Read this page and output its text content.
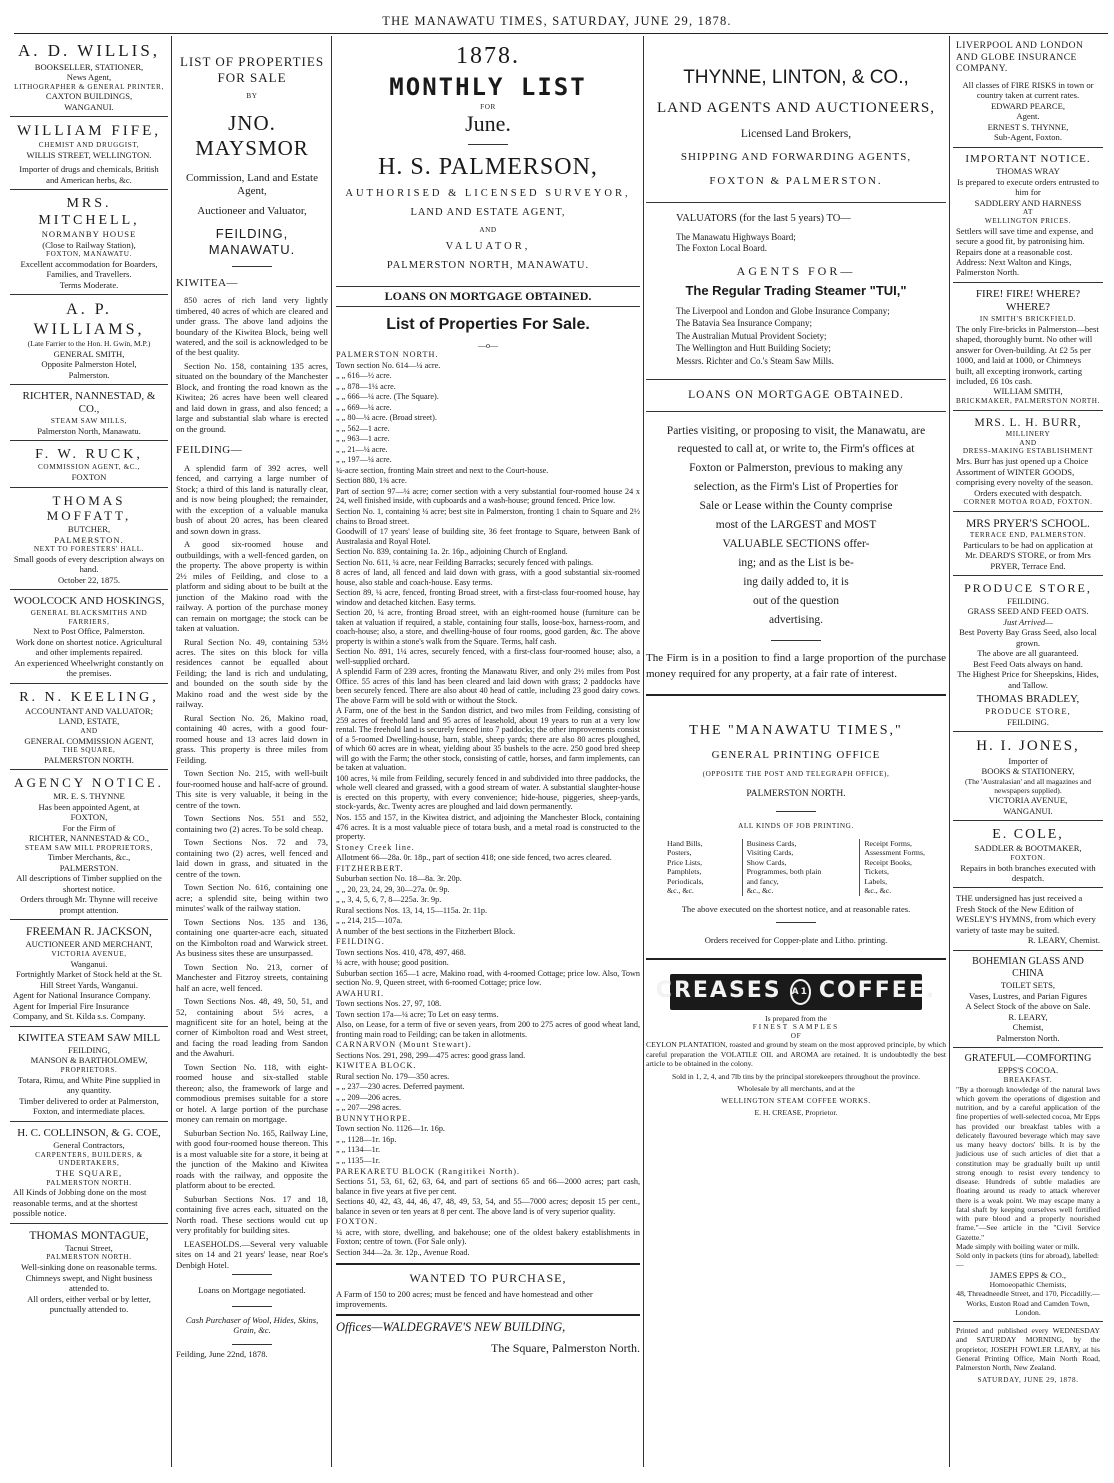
THE MANAWATU TIMES, SATURDAY, JUNE 29, 1878.
A. D. WILLIS,
BOOKSELLER, STATIONER,
News Agent,
LITHOGRAPHER & GENERAL PRINTER,
CAXTON BUILDINGS,
WANGANUI.
WILLIAM FIFE,
CHEMIST AND DRUGGIST,
WILLIS STREET, WELLINGTON.
Importer of drugs and chemicals, British and American herbs, &c.
MRS. MITCHELL,
NORMANBY HOUSE
(Close to Railway Station),
FOXTON, MANAWATU.
Excellent accommodation for Boarders, Families, and Travellers.
Terms Moderate.
A. P. WILLIAMS,
(Late Farrier to the Hon. H. Gwin, M.P.)
GENERAL SMITH,
Opposite Palmerston Hotel,
Palmerston.
RICHTER, NANNESTAD, & CO.,
STEAM SAW MILLS,
Palmerston North, Manawatu.
F. W. RUCK,
COMMISSION AGENT, &C.,
FOXTON
THOMAS MOFFATT,
BUTCHER,
PALMERSTON.
NEXT TO FORESTERS' HALL.
Small goods of every description always on hand.
October 22, 1875.
WOOLCOCK AND HOSKINGS,
GENERAL BLACKSMITHS AND FARRIERS,
Next to Post Office, Palmerston.
Work done on shortest notice. Agricultural and other implements repaired.
An experienced Wheelwright constantly on the premises.
R. N. KEELING,
ACCOUNTANT AND VALUATOR;
LAND, ESTATE,
AND
GENERAL COMMISSION AGENT,
THE SQUARE,
PALMERSTON NORTH.
AGENCY NOTICE.
MR. E. S. THYNNE
Has been appointed Agent, at
FOXTON,
For the Firm of
RICHTER, NANNESTAD & CO.,
STEAM SAW MILL PROPRIETORS,
Timber Merchants, &c.,
PALMERSTON.
All descriptions of Timber supplied on the shortest notice.
Orders through Mr. Thynne will receive prompt attention.
FREEMAN R. JACKSON,
AUCTIONEER AND MERCHANT,
VICTORIA AVENUE,
Wanganui.
Fortnightly Market of Stock held at the St. Hill Street Yards, Wanganui.
Agent for National Insurance Company.
Agent for Imperial Fire Insurance Company, and St. Kilda s.s. Company.
KIWITEA STEAM SAW MILL
FEILDING,
MANSON & BARTHOLOMEW,
PROPRIETORS.
Totara, Rimu, and White Pine supplied in any quantity.
Timber delivered to order at Palmerston, Foxton, and intermediate places.
H. C. COLLINSON, & G. COE,
General Contractors,
CARPENTERS, BUILDERS, & UNDERTAKERS,
THE SQUARE,
PALMERSTON NORTH.
All Kinds of Jobbing done on the most reasonable terms, and at the shortest possible notice.
THOMAS MONTAGUE,
Tacnui Street,
PALMERSTON NORTH.
Well-sinking done on reasonable terms. Chimneys swept, and Night business attended to.
All orders, either verbal or by letter, punctually attended to.
LIST OF PROPERTIES FOR SALE
BY
JNO. MAYSMOR
Commission, Land and Estate Agent,
Auctioneer and Valuator,
FEILDING, MANAWATU.
KIWITEA—
850 acres of rich land very lightly timbered, 40 acres of which are cleared and under grass. The above land adjoins the boundary of the Kiwitea Block, being well watered, and the soil is acknowledged to be of the best quality.
Section No. 158, containing 135 acres, situated on the boundary of the Manchester Block, and fronting the road known as the Kiwitea; 26 acres have been well cleared and laid down in grass, and also fenced; a large and substantial slab whare is erected on the ground.
FEILDING—
A splendid farm of 392 acres, well fenced, and carrying a large number of Stock; a third of this land is naturally clear, and is now being ploughed; the remainder, with the exception of a valuable manuka bush of about 20 acres, has been cleared and sown down in grass.
A good six-roomed house and outbuildings, with a well-fenced garden, on the property. The above property is within 2½ miles of Feilding, and close to a platform and siding about to be built at the junction of the Makino road with the railway. A portion of the purchase money can remain on mortgage; the stock can be taken at valuation.
Rural Section No. 49, containing 53½ acres. The sites on this block for villa residences cannot be equalled about Feilding; the land is rich and undulating, and bounded on the south side by the Makino road and the west side by the railway.
Rural Section No. 26, Makino road, containing 40 acres, with a good four-roomed house and 13 acres laid down in grass. This property is three miles from Feilding.
Town Section No. 215, with well-built four-roomed house and half-acre of ground. This site is very valuable, it being in the centre of the town.
Town Sections Nos. 551 and 552, containing two (2) acres. To be sold cheap.
Town Sections Nos. 72 and 73, containing two (2) acres, well fenced and laid down in grass, and situated in the centre of the town.
Town Section No. 616, containing one acre; a splendid site, being within two minutes' walk of the railway station.
Town Sections Nos. 135 and 136, containing one quarter-acre each, situated on the Kimbolton road and Warwick street. As business sites these are unsurpassed.
Town Section No. 213, corner of Manchester and Fitzroy streets, containing half an acre, well fenced.
Town Sections Nos. 48, 49, 50, 51, and 52, containing about 5½ acres, a magnificent site for an hotel, being at the corner of Kimbolton road and West street, and facing the road leading from Sandon and the Awahuri.
Town Section No. 118, with eight-roomed house and six-stalled stable thereon; also, the framework of large and commodious premises suitable for a store or hotel. A large portion of the purchase money can remain on mortgage.
Suburban Section No. 165, Railway Line, with good four-roomed house thereon. This is a most valuable site for a store, it being at the junction of the Makino and Kiwitea roads with the railway, and opposite the platform about to be erected.
Suburban Sections Nos. 17 and 18, containing five acres each, situated on the North road. These sections would cut up very profitably for building sites.
LEASEHOLDS.—Several very valuable sites on 14 and 21 years' lease, near Roe's Denbigh Hotel.
Loans on Mortgage negotiated.
Cash Purchaser of Wool, Hides, Skins, Grain, &c.
Feilding, June 22nd, 1878.
1878.
MONTHLY LIST
FOR
June.
H. S. PALMERSON,
AUTHORISED & LICENSED SURVEYOR,
LAND AND ESTATE AGENT,
AND
VALUATOR,
PALMERSTON NORTH, MANAWATU.
LOANS ON MORTGAGE OBTAINED.
List of Properties For Sale.
—o—
PALMERSTON NORTH.
Town section No. 614—¼ acre.
„ „ 616—½ acre.
„ „ 878—1¼ acre.
„ „ 666—¼ acre. (The Square).
„ „ 669—¼ acre.
„ „ 80—¼ acre. (Broad street).
„ „ 562—1 acre.
„ „ 963—1 acre.
„ „ 21—¼ acre.
„ „ 197—¼ acre.
¼-acre section, fronting Main street and next to the Court-house.
Section 880, 1¾ acre.
Part of section 97—¼ acre; corner section with a very substantial four-roomed house 24 x 24, well finished inside, with cupboards and a wash-house; ground fenced. Price low.
Section No. 1, containing ¼ acre; best site in Palmerston, fronting 1 chain to Square and 2½ chains to Broad street.
Goodwill of 17 years' lease of building site, 36 feet frontage to Square, between Bank of Australasia and Royal Hotel.
Section No. 839, containing 1a. 2r. 16p., adjoining Church of England.
Section No. 611, ¼ acre, near Feilding Barracks; securely fenced with palings.
8 acres of land, all fenced and laid down with grass, with a good substantial six-roomed house, also stable and coach-house. Easy terms.
Section 89, ¼ acre, fenced, fronting Broad street, with a first-class four-roomed house, hay window and detached kitchen. Easy terms.
Section 20, ¼ acre, fronting Broad street, with an eight-roomed house (furniture can be taken at valuation if required, a stable, containing four stalls, loose-box, harness-room, and coach-house; also, a store, and dwelling-house of four rooms, good garden, &c. The above property is within a stone's walk from the Square. Terms, half cash.
Section No. 891, 1¼ acres, securely fenced, with a first-class four-roomed house; also, a well-supplied orchard.
A splendid Farm of 239 acres, fronting the Manawatu River, and only 2½ miles from Post Office. 55 acres of this land has been cleared and laid down with grass; 2 paddocks have been securely fenced. There are also about 40 head of cattle, including 23 good dairy cows. The above Farm will be sold with or without the Stock.
A Farm, one of the best in the Sandon district, and two miles from Feilding, consisting of 259 acres of freehold land and 95 acres of leasehold, about 19 years to run at a very low rental. The freehold land is securely fenced into 7 paddocks; the other improvements consist of a 5-roomed Dwelling-house, barn, stable, sheep yards; there are also 80 acres ploughed, of which 60 acres are in wheat, yielding about 35 bushels to the acre. 250 good bred sheep will go with the Farm; the other stock, consisting of cattle, horses, and farm implements, can be taken at valuation.
100 acres, ¼ mile from Feilding, securely fenced in and subdivided into three paddocks, the whole well cleared and grassed, with a good stream of water. A substantial slaughter-house is erected on this property, with every convenience; hide-house, piggeries, sheep-yards, stock-yards, &c. Twenty acres are ploughed and laid down permanently.
Nos. 155 and 157, in the Kiwitea district, and adjoining the Manchester Block, containing 476 acres. It is a most valuable piece of totara bush, and a metal road is constructed to the property.
Stoney Creek line.
Allotment 66—28a. 0r. 18p., part of section 418; one side fenced, two acres cleared.
FITZHERBERT.
Suburban section No. 18—8a. 3r. 20p.
„ „ 20, 23, 24, 29, 30—27a. 0r. 9p.
„ „ 3, 4, 5, 6, 7, 8—225a. 3r. 9p.
Rural sections Nos. 13, 14, 15—115a. 2r. 11p.
„ „ 214, 215—107a.
A number of the best sections in the Fitzherbert Block.
FEILDING.
Town sections Nos. 410, 478, 497, 468.
¼ acre, with house; good position.
Suburban section 165—1 acre, Makino road, with 4-roomed Cottage; price low. Also, Town section No. 9, Queen street, with 6-roomed Cottage; price low.
AWAHURI.
Town sections Nos. 27, 97, 108.
Town section 17a—¼ acre; To Let on easy terms.
Also, on Lease, for a term of five or seven years, from 200 to 275 acres of good wheat land, fronting main road to Feilding; can be taken in allotments.
CARNARVON (Mount Stewart).
Sections Nos. 291, 298, 299—475 acres: good grass land.
KIWITEA BLOCK.
Rural section No. 179—350 acres.
„ „ 237—230 acres. Deferred payment.
„ „ 209—206 acres.
„ „ 207—298 acres.
BUNNYTHORPE.
Town section No. 1126—1r. 16p.
„ „ 1128—1r. 16p.
„ „ 1134—1r.
„ „ 1135—1r.
PAREKARETU BLOCK (Rangitikei North).
Sections 51, 53, 61, 62, 63, 64, and part of sections 65 and 66—2000 acres; part cash, balance in five years at five per cent.
Sections 40, 42, 43, 44, 46, 47, 48, 49, 53, 54, and 55—7000 acres; deposit 15 per cent., balance in seven or ten years at 8 per cent. The above land is of very superior quality.
FOXTON.
¼ acre, with store, dwelling, and bakehouse; one of the oldest bakery establishments in Foxton; centre of town. (For Sale only).
Section 344—2a. 3r. 12p., Avenue Road.
WANTED TO PURCHASE,
A Farm of 150 to 200 acres; must be fenced and have homestead and other improvements.
Offices—WALDEGRAVE'S NEW BUILDING,
The Square, Palmerston North.
THYNNE, LINTON, & CO.,
LAND AGENTS AND AUCTIONEERS,
Licensed Land Brokers,
SHIPPING AND FORWARDING AGENTS,
FOXTON & PALMERSTON.
VALUATORS (for the last 5 years) TO—
The Manawatu Highways Board;
The Foxton Local Board.
AGENTS FOR—
The Regular Trading Steamer "TUI,"
The Liverpool and London and Globe Insurance Company;
The Batavia Sea Insurance Company;
The Australian Mutual Provident Society;
The Wellington and Hutt Building Society;
Messrs. Richter and Co.'s Steam Saw Mills.
LOANS ON MORTGAGE OBTAINED.
Parties visiting, or proposing to visit, the Manawatu, are
requested to call at, or write to, the Firm's offices at
Foxton or Palmerston, previous to making any
selection, as the Firm's List of Properties for
Sale or Lease within the County comprise
most of the LARGEST and MOST
VALUABLE SECTIONS offer-
ing; and as the List is be-
ing daily added to, it is
out of the question
advertising.
The Firm is in a position to find a large proportion of the purchase money required for any property, at a fair rate of interest.
THE "MANAWATU TIMES,"
GENERAL PRINTING OFFICE
(OPPOSITE THE POST AND TELEGRAPH OFFICE),
PALMERSTON NORTH.
ALL KINDS OF JOB PRINTING.
Hand Bills,
Posters,
Price Lists,
Pamphlets,
Periodicals,
&c., &c.
Business Cards,
Visiting Cards,
Show Cards,
Programmes, both plain
and fancy,
&c., &c.
Receipt Forms,
Assessment Forms,
Receipt Books,
Tickets,
Labels,
&c., &c.
The above executed on the shortest notice, and at reasonable rates.
Orders received for Copper-plate and Litho. printing.
CREASES A1 COFFEE.
Is prepared from the
FINEST SAMPLES
OF
CEYLON PLANTATION, roasted and ground by steam on the most approved principle, by which careful preparation the VOLATILE OIL and AROMA are retained. It is undoubtedly the best article to be obtained in the colony.
Sold in 1, 2, 4, and 7lb tins by the principal storekeepers throughout the province.
Wholesale by all merchants, and at the
WELLINGTON STEAM COFFEE WORKS.
E. H. CREASE, Proprietor.
LIVERPOOL AND LONDON AND GLOBE INSURANCE COMPANY.
All classes of FIRE RISKS in town or country taken at current rates.
EDWARD PEARCE,
Agent.
ERNEST S. THYNNE,
Sub-Agent, Foxton.
IMPORTANT NOTICE.
THOMAS WRAY
Is prepared to execute orders entrusted to him for
SADDLERY AND HARNESS
AT
WELLINGTON PRICES.
Settlers will save time and expense, and secure a good fit, by patronising him. Repairs done at a reasonable cost. Address: Next Walton and Kings, Palmerston North.
FIRE! FIRE! WHERE? WHERE?
IN SMITH'S BRICKFIELD.
The only Fire-bricks in Palmerston—best shaped, thoroughly burnt. No other will answer for Oven-building. At £2 5s per 1000, and laid at 1000, or Chimneys built, all excepting ironwork, carting included, £6 10s cash.
WILLIAM SMITH,
BRICKMAKER, PALMERSTON NORTH.
MRS. L. H. BURR,
MILLINERY
AND
DRESS-MAKING ESTABLISHMENT
Mrs. Burr has just opened up a Choice Assortment of WINTER GOODS, comprising every novelty of the season.
Orders executed with despatch.
CORNER MOTOA ROAD, FOXTON.
MRS PRYER'S SCHOOL.
TERRACE END, PALMERSTON.
Particulars to be had on application at Mr. DEARD'S STORE, or from Mrs PRYER, Terrace End.
PRODUCE STORE,
FEILDING.
GRASS SEED AND FEED OATS.
Just Arrived—
Best Poverty Bay Grass Seed, also local grown.
The above are all guaranteed.
Best Feed Oats always on hand.
The Highest Price for Sheepskins, Hides, and Tallow.
THOMAS BRADLEY,
PRODUCE STORE,
FEILDING.
H. I. JONES,
Importer of
BOOKS & STATIONERY,
(The 'Australasian' and all magazines and newspapers supplied).
VICTORIA AVENUE,
WANGANUI.
E. COLE,
SADDLER & BOOTMAKER,
FOXTON.
Repairs in both branches executed with despatch.
THE undersigned has just received a Fresh Stock of the New Edition of WESLEY'S HYMNS, from which every variety of taste may be suited.
R. LEARY, Chemist.
BOHEMIAN GLASS AND CHINA
TOILET SETS,
Vases, Lustres, and Parian Figures
A Select Stock of the above on Sale.
R. LEARY,
Chemist,
Palmerston North.
GRATEFUL—COMFORTING
EPPS'S COCOA.
BREAKFAST.
"By a thorough knowledge of the natural laws which govern the operations of digestion and nutrition, and by a careful application of the fine properties of well-selected cocoa, Mr Epps has provided our breakfast tables with a delicately flavoured beverage which may save us many heavy doctors' bills. It is by the judicious use of such articles of diet that a constitution may be gradually built up until strong enough to resist every tendency to disease. Hundreds of subtle maladies are floating around us ready to attack wherever there is a weak point. We may escape many a fatal shaft by keeping ourselves well fortified with pure blood and a properly nourished frame."—See article in the "Civil Service Gazette."
Made simply with boiling water or milk.
Sold only in packets (tins for abroad), labelled:—
JAMES EPPS & CO.,
Homoeopathic Chemists,
48, Threadneedle Street, and 170, Piccadilly.—Works, Euston Road and Camden Town, London.
Printed and published every WEDNESDAY and SATURDAY MORNING, by the proprietor, JOSEPH FOWLER LEARY, at his General Printing Office, Main North Road, Palmerston North, New Zealand.
SATURDAY, JUNE 29, 1878.
